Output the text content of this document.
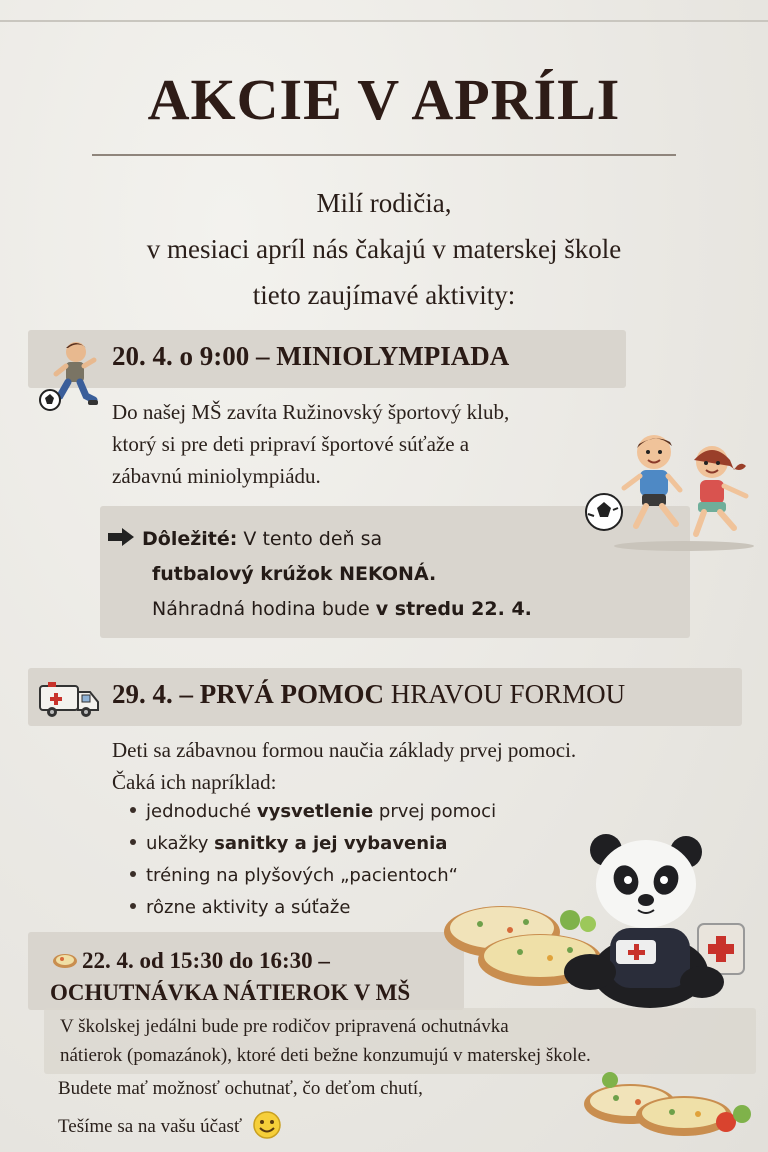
AKCIE V APRÍLI
Milí rodičia,
v mesiaci apríl nás čakajú v materskej škole
tieto zaujímavé aktivity:
20. 4. o 9:00 – MINIOLYMPIADA
Do našej MŠ zavíta Ružinovský športový klub,
ktorý si pre deti pripraví športové súťaže a
zábavnú miniolympiádu.
Dôležité: V tento deň sa
futbalový krúžok NEKONÁ.
Náhradná hodina bude v stredu 22. 4.
29. 4. – PRVÁ POMOC HRAVOU FORMOU
Deti sa zábavnou formou naučia základy prvej pomoci.
Čaká ich napríklad:
jednoduché vysvetlenie prvej pomoci
ukažky sanitky a jej vybavenia
tréning na plyšových „pacientoch“
rôzne aktivity a súťaže
22. 4. od 15:30 do 16:30 –
OCHUTNÁVKA NÁTIEROK V MŠ
V školskej jedálni bude pre rodičov pripravená ochutnávka
nátierok (pomazánok), ktoré deti bežne konzumujú v materskej škole.
Budete mať možnosť ochutnať, čo deťom chutí,
Tešíme sa na vašu účasť
